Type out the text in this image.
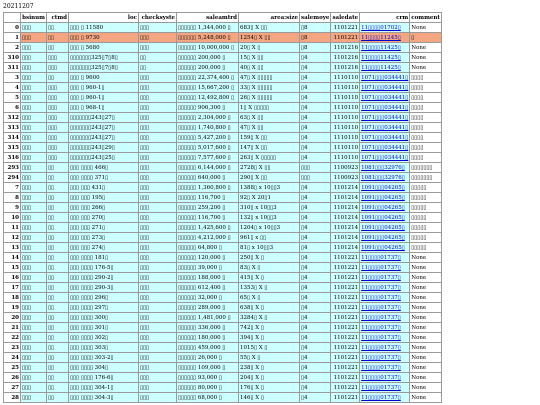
20211207
	bsinum	ctmd	loc	checksyste	saleamtrd	area:size	salemoye	saledate	crm	comment
0	▯▯▯	▯▯	▯▯▯ ▯ 11580	▯▯▯	▯▯▯▯▯▯ 1,344,000 ▯	683▯ X ▯▯	▯8	1101221	11▯▯▯▯01702▯	None
1	▯▯▯	▯▯	▯▯▯ ▯ 9730	▯▯▯	▯▯▯▯▯▯ 5,248,000 ▯	1254▯ X ▯▯	▯8	1101221	11▯▯▯▯11245▯	▯
2	▯▯▯	▯▯	▯▯▯ ▯ 5680	▯▯▯	▯▯▯▯▯▯ 10,000,000 ▯	20▯ X ▯	▯8	1101216	11▯▯▯▯11425▯	None
310	▯▯▯	▯▯▯	▯▯▯▯▯▯▯325▯7▯8▯	▯▯	▯▯▯▯▯▯ 200,000 ▯	15▯ X ▯▯	▯4	1101216	11▯▯▯▯11425▯	None
311	▯▯▯	▯▯▯	▯▯▯▯▯▯▯325▯7▯8▯	▯▯	▯▯▯▯▯▯ 200,000 ▯	40▯ X ▯▯	▯4	1101216	11▯▯▯▯11425▯	None
3	▯▯▯	▯▯	▯▯▯ ▯ 9600	▯▯▯	▯▯▯▯▯▯ 22,374,400 ▯	47▯ X ▯▯▯▯▯	▯4	1110110	1071▯▯▯034441▯	▯▯▯▯
4	▯▯▯	▯▯▯	▯▯▯ ▯ 960-1▯	▯▯▯	▯▯▯▯▯▯ 15,667,200 ▯	33▯ X ▯▯▯▯▯	▯4	1110110	1071▯▯▯034441▯	▯▯▯▯
5	▯▯▯	▯▯▯	▯▯▯ ▯ 960-1▯	▯▯▯	▯▯▯▯▯▯ 12,492,800 ▯	26▯ X ▯▯▯▯▯	▯4	1110110	1071▯▯▯034441▯	▯▯▯▯
6	▯▯▯	▯▯▯	▯▯▯ ▯ 968-1▯	▯▯▯	▯▯▯▯▯▯ 906,300 ▯	1▯ X ▯▯▯▯▯	▯4	1110110	1071▯▯▯034441▯	▯▯▯▯
312	▯▯▯	▯▯▯	▯▯▯▯▯▯▯243▯27▯	▯▯▯	▯▯▯▯▯▯ 2,304,000 ▯	63▯ X ▯▯	▯4	1110110	1071▯▯▯034441▯	▯▯▯▯
313	▯▯▯	▯▯▯	▯▯▯▯▯▯▯243▯27▯	▯▯▯	▯▯▯▯▯▯ 1,740,800 ▯	47▯ X ▯▯	▯4	1110110	1071▯▯▯034441▯	▯▯▯▯
314	▯▯▯	▯▯▯	▯▯▯▯▯▯▯243▯27▯	▯▯▯	▯▯▯▯▯▯ 5,427,200 ▯	159▯ X ▯▯	▯4	1110110	1071▯▯▯034441▯	▯▯▯▯
315	▯▯▯	▯▯▯	▯▯▯▯▯▯▯243▯29▯	▯▯▯	▯▯▯▯▯▯ 5,017,600 ▯	147▯ X ▯▯	▯4	1110110	1071▯▯▯034441▯	▯▯▯▯
316	▯▯▯	▯▯▯	▯▯▯▯▯▯▯243▯25▯	▯▯▯	▯▯▯▯▯▯ 7,577,600 ▯	263▯ X ▯▯▯▯▯	▯4	1110110	1071▯▯▯034441▯	▯▯▯▯
293	▯▯▯	▯▯	▯▯▯ ▯▯▯▯ 466▯	▯▯▯	▯▯▯▯▯▯ 6,144,000 ▯	2728▯ X ▯▯	▯▯▯	1100923	1081▯▯▯32976▯	▯▯▯▯▯▯▯
294	▯▯▯	▯▯	▯▯▯ ▯▯▯▯ 371▯	▯▯▯	▯▯▯▯▯▯ 640,000 ▯	290▯ X ▯▯	▯▯▯	1100923	1081▯▯▯32976▯	▯▯▯▯▯▯▯
7	▯▯▯	▯▯	▯▯▯ ▯▯▯ 431▯	▯▯▯	▯▯▯▯▯▯ 1,360,800 ▯	1388▯ x 10▯▯3	▯4	1101214	1091▯▯▯04265▯	▯▯▯▯▯
8	▯▯▯	▯▯	▯▯▯ ▯▯▯ 195▯	▯▯▯	▯▯▯▯▯▯ 116,700 ▯	92▯ X 20▯1	▯4	1101214	1091▯▯▯04265▯	▯▯▯▯▯
9	▯▯▯	▯▯	▯▯▯ ▯▯▯ 266▯	▯▯▯	▯▯▯▯▯▯ 259,200 ▯	310▯ x 10▯▯3	▯4	1101214	1091▯▯▯04265▯	▯▯▯▯▯
10	▯▯▯	▯▯	▯▯▯ ▯▯▯ 270▯	▯▯▯	▯▯▯▯▯▯ 116,700 ▯	132▯ x 10▯▯3	▯4	1101214	1091▯▯▯04265▯	▯▯▯▯▯
11	▯▯▯	▯▯	▯▯▯ ▯▯▯ 271▯	▯▯▯	▯▯▯▯▯▯ 1,425,600 ▯	1204▯ x 10▯▯3	▯4	1101214	1091▯▯▯04265▯	▯▯▯▯▯
12	▯▯▯	▯▯	▯▯▯ ▯▯▯ 273▯	▯▯▯	▯▯▯▯▯▯ 4,212,000 ▯	961▯ x ▯▯	▯4	1101214	1091▯▯▯04265▯	▯▯▯▯▯
13	▯▯▯	▯▯	▯▯▯ ▯▯▯ 274▯	▯▯▯	▯▯▯▯▯▯ 64,800 ▯	81▯ x 10▯▯3	▯4	1101214	1091▯▯▯04265▯	▯▯▯▯▯
14	▯▯▯	▯▯	▯▯▯ ▯▯▯▯ 181▯	▯▯▯	▯▯▯▯▯▯ 120,000 ▯	250▯ X ▯	▯4	1101221	11▯▯▯▯01737▯	None
15	▯▯▯	▯▯	▯▯▯ ▯▯▯▯ 176-5▯	▯▯▯	▯▯▯▯▯▯ 39,000 ▯	83▯ X ▯	▯4	1101221	11▯▯▯▯01737▯	None
16	▯▯▯	▯▯	▯▯▯ ▯▯▯▯ 290-2▯	▯▯▯	▯▯▯▯▯▯ 188,000 ▯	415▯ X ▯	▯4	1101221	11▯▯▯▯01737▯	None
17	▯▯▯	▯▯	▯▯▯ ▯▯▯▯ 290-3▯	▯▯▯	▯▯▯▯▯▯ 612,400 ▯	1353▯ X ▯	▯4	1101221	11▯▯▯▯01737▯	None
18	▯▯▯	▯▯	▯▯▯ ▯▯▯▯ 296▯	▯▯▯	▯▯▯▯▯▯ 32,000 ▯	65▯ X ▯	▯4	1101221	11▯▯▯▯01737▯	None
19	▯▯▯	▯▯	▯▯▯ ▯▯▯▯ 297▯	▯▯▯	▯▯▯▯▯▯ 289,000 ▯	638▯ X ▯	▯4	1101221	11▯▯▯▯01737▯	None
20	▯▯▯	▯▯	▯▯▯ ▯▯▯▯ 300▯	▯▯▯	▯▯▯▯▯▯ 1,481,000 ▯	3284▯ X ▯	▯4	1101221	11▯▯▯▯01737▯	None
21	▯▯▯	▯▯	▯▯▯ ▯▯▯▯ 301▯	▯▯▯	▯▯▯▯▯▯ 336,000 ▯	742▯ X ▯	▯4	1101221	11▯▯▯▯01737▯	None
22	▯▯▯	▯▯	▯▯▯ ▯▯▯▯ 302▯	▯▯▯	▯▯▯▯▯▯ 180,000 ▯	394▯ X ▯	▯4	1101221	11▯▯▯▯01737▯	None
23	▯▯▯	▯▯	▯▯▯ ▯▯▯▯ 303▯	▯▯▯	▯▯▯▯▯▯ 459,000 ▯	1015▯ X ▯	▯4	1101221	11▯▯▯▯01737▯	None
24	▯▯▯	▯▯	▯▯▯ ▯▯▯▯ 303-2▯	▯▯▯	▯▯▯▯▯▯ 26,000 ▯	55▯ X ▯	▯4	1101221	11▯▯▯▯01737▯	None
25	▯▯▯	▯▯	▯▯▯ ▯▯▯▯ 304▯	▯▯▯	▯▯▯▯▯▯ 109,000 ▯	238▯ X ▯	▯4	1101221	11▯▯▯▯01737▯	None
26	▯▯▯	▯▯	▯▯▯ ▯▯▯▯ 176-6▯	▯▯▯	▯▯▯▯▯▯ 93,000 ▯	204▯ X ▯	▯4	1101221	11▯▯▯▯01737▯	None
27	▯▯▯	▯▯	▯▯▯ ▯▯▯▯ 304-1▯	▯▯▯	▯▯▯▯▯▯ 80,000 ▯	176▯ X ▯	▯4	1101221	11▯▯▯▯01737▯	None
28	▯▯▯	▯▯	▯▯▯ ▯▯▯▯ 304-3▯	▯▯▯	▯▯▯▯▯▯ 68,000 ▯	146▯ X ▯	▯4	1101221	11▯▯▯▯01737▯	None
